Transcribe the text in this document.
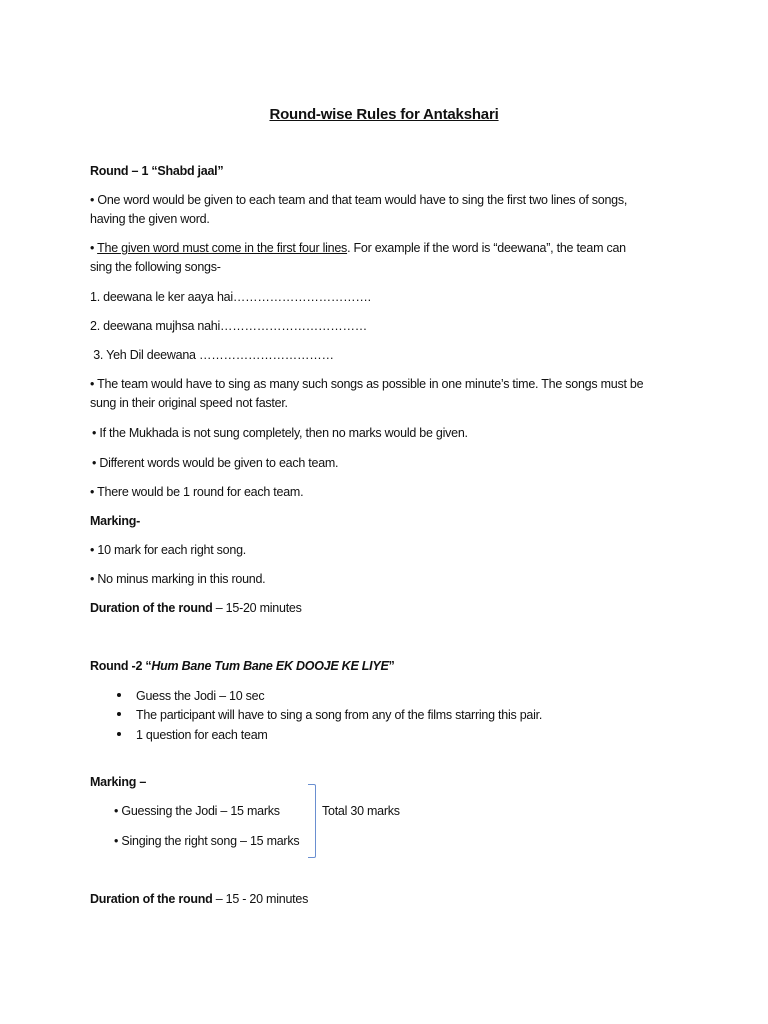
Round-wise Rules for Antakshari

Round – 1 “Shabd jaal”

• One word would be given to each team and that team would have to sing the first two lines of songs,

having the given word.

• The given word must come in the first four lines. For example if the word is “deewana”, the team can

sing the following songs-

1. deewana le ker aaya hai…………………………….

2. deewana mujhsa nahi………………………………

3. Yeh Dil deewana ……………………………

• The team would have to sing as many such songs as possible in one minute’s time. The songs must be

sung in their original speed not faster.

• If the Mukhada is not sung completely, then no marks would be given.

• Different words would be given to each team.

• There would be 1 round for each team.

Marking-

• 10 mark for each right song.

• No minus marking in this round.

Duration of the round – 15-20 minutes

Round -2 “Hum Bane Tum Bane EK DOOJE KE LIYE”

Guess the Jodi – 10 sec

The participant will have to sing a song from any of the films starring this pair.

1 question for each team

Marking –

• Guessing the Jodi – 15 marks

• Singing the right song – 15 marks

Total 30 marks

Duration of the round – 15 - 20 minutes
